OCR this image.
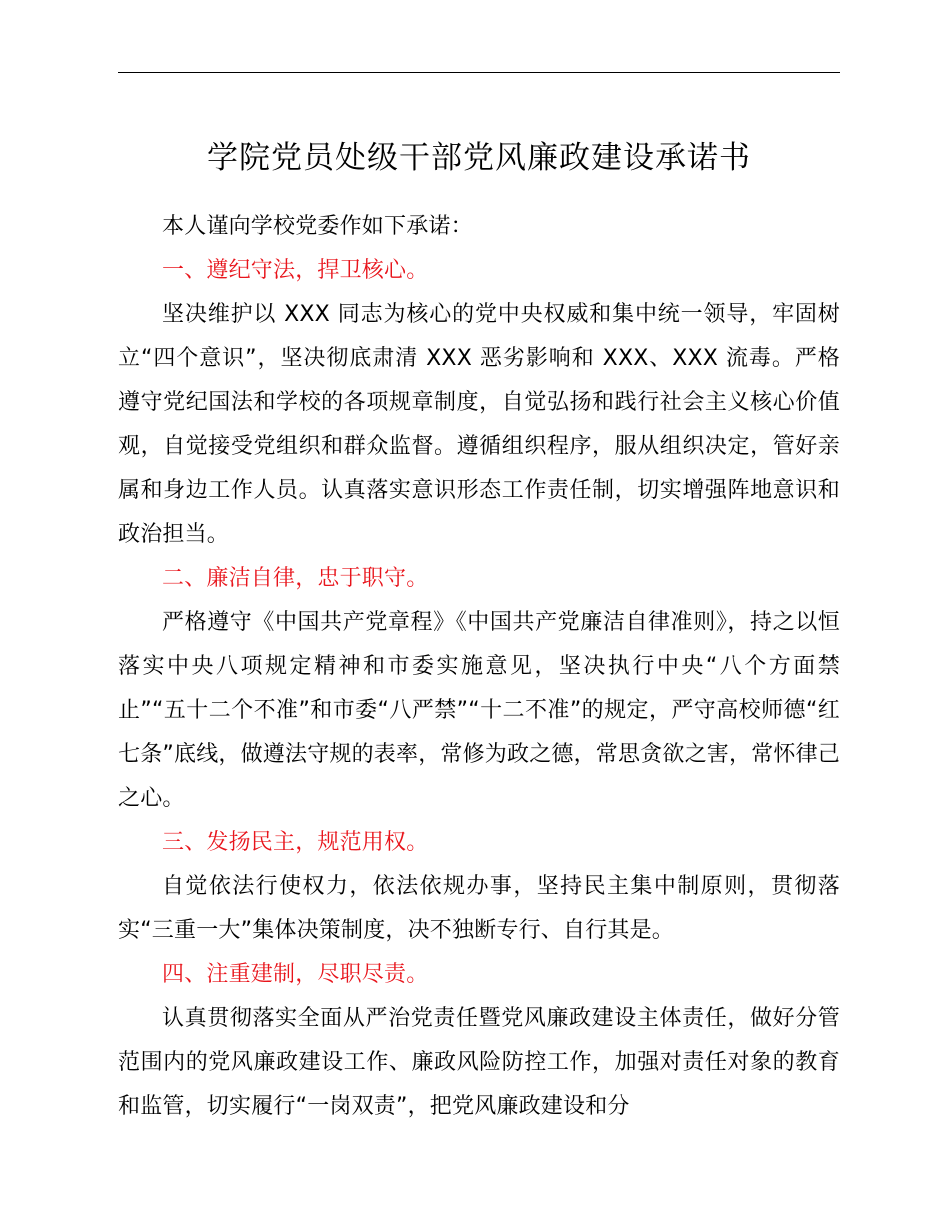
学院党员处级干部党风廉政建设承诺书

本人谨向学校党委作如下承诺：

一、遵纪守法，捍卫核心。

坚决维护以 XXX 同志为核心的党中央权威和集中统一领导，牢固树立“四个意识”，坚决彻底肃清 XXX 恶劣影响和 XXX、XXX 流毒。严格遵守党纪国法和学校的各项规章制度，自觉弘扬和践行社会主义核心价值观，自觉接受党组织和群众监督。遵循组织程序，服从组织决定，管好亲属和身边工作人员。认真落实意识形态工作责任制，切实增强阵地意识和政治担当。

二、廉洁自律，忠于职守。

严格遵守《中国共产党章程》《中国共产党廉洁自律准则》，持之以恒落实中央八项规定精神和市委实施意见，坚决执行中央“八个方面禁止”“五十二个不准”和市委“八严禁”“十二不准”的规定，严守高校师德“红七条”底线，做遵法守规的表率，常修为政之德，常思贪欲之害，常怀律己之心。

三、发扬民主，规范用权。

自觉依法行使权力，依法依规办事，坚持民主集中制原则，贯彻落实“三重一大”集体决策制度，决不独断专行、自行其是。

四、注重建制，尽职尽责。

认真贯彻落实全面从严治党责任暨党风廉政建设主体责任，做好分管范围内的党风廉政建设工作、廉政风险防控工作，加强对责任对象的教育和监管，切实履行“一岗双责”，把党风廉政建设和分
